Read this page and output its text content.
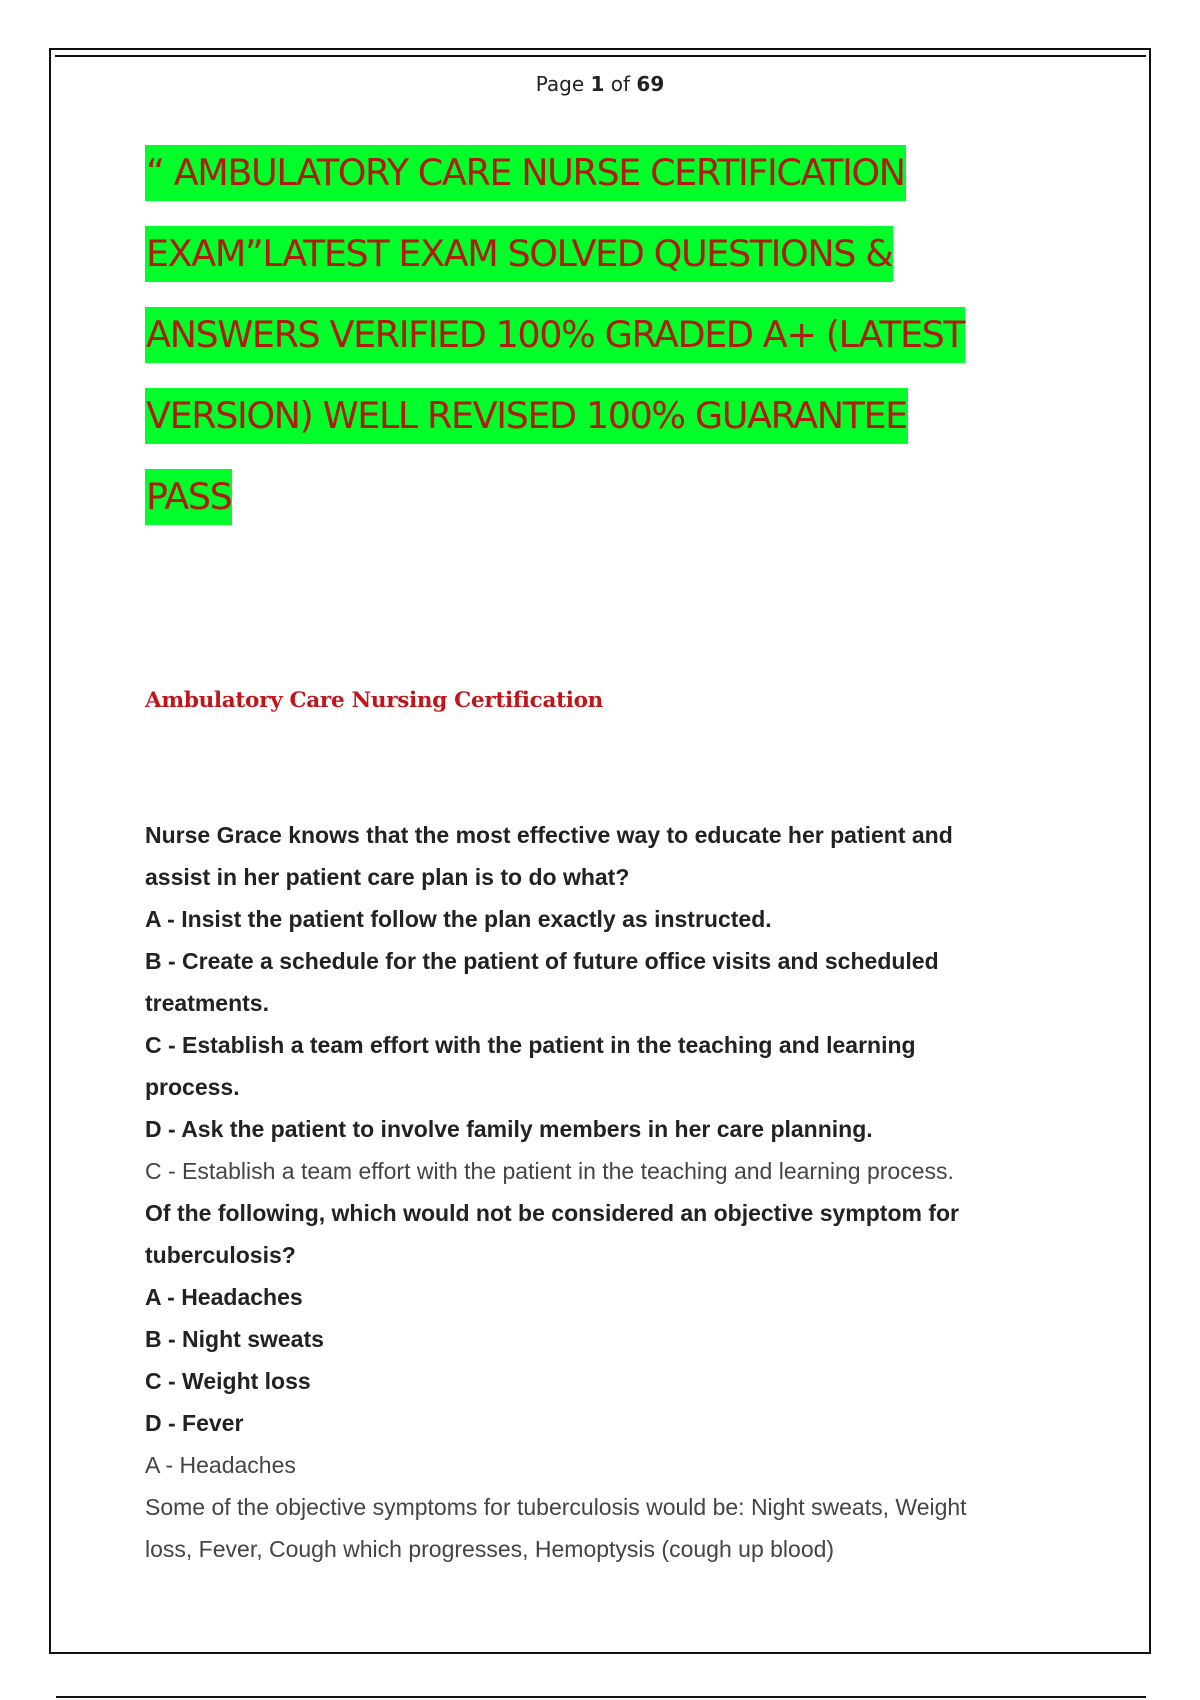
Page 1 of 69
“ AMBULATORY CARE NURSE CERTIFICATION
EXAM”LATEST EXAM SOLVED QUESTIONS &
ANSWERS VERIFIED 100% GRADED A+ (LATEST
VERSION) WELL REVISED 100% GUARANTEE
PASS
Ambulatory Care Nursing Certification
Nurse Grace knows that the most effective way to educate her patient and
assist in her patient care plan is to do what?
A - Insist the patient follow the plan exactly as instructed.
B - Create a schedule for the patient of future office visits and scheduled
treatments.
C - Establish a team effort with the patient in the teaching and learning
process.
D - Ask the patient to involve family members in her care planning.
C - Establish a team effort with the patient in the teaching and learning process.
Of the following, which would not be considered an objective symptom for
tuberculosis?
A - Headaches
B - Night sweats
C - Weight loss
D - Fever
A - Headaches
Some of the objective symptoms for tuberculosis would be: Night sweats, Weight
loss, Fever, Cough which progresses, Hemoptysis (cough up blood)
